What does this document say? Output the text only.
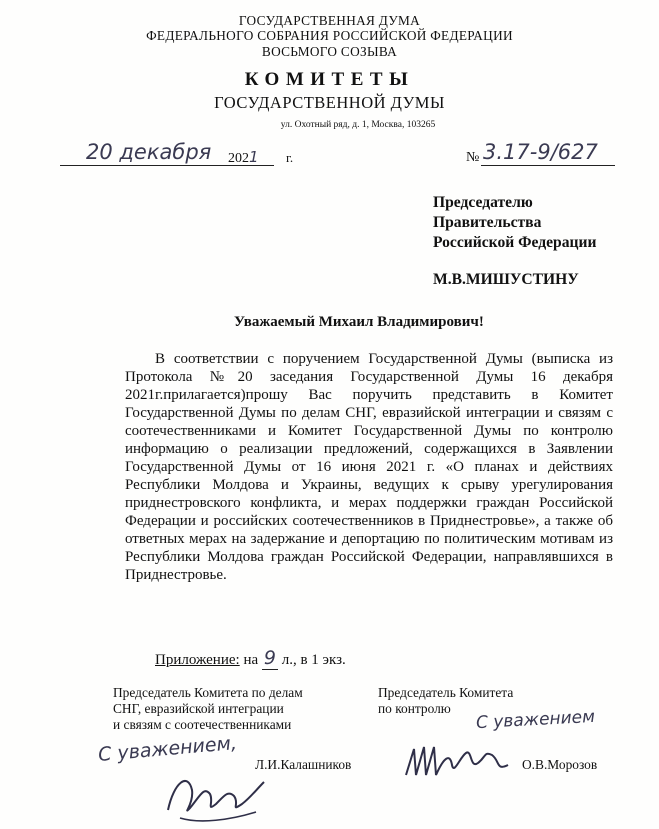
ГОСУДАРСТВЕННАЯ ДУМА
ФЕДЕРАЛЬНОГО СОБРАНИЯ РОССИЙСКОЙ ФЕДЕРАЦИИ
ВОСЬМОГО СОЗЫВА
КОМИТЕТЫ
ГОСУДАРСТВЕННОЙ ДУМЫ
ул. Охотный ряд, д. 1, Москва, 103265
20 декабря 2021 г.	№ 3.17-9/627
Председателю
Правительства
Российской Федерации
М.В.МИШУСТИНУ
Уважаемый Михаил Владимирович!

В соответствии с поручением Государственной Думы (выписка из Протокола №20 заседания Государственной Думы 16 декабря 2021г.прилагается)прошу Вас поручить представить в Комитет Государственной Думы по делам СНГ, евразийской интеграции и связям с соотечественниками и Комитет Государственной Думы по контролю информацию о реализации предложений, содержащихся в Заявлении Государственной Думы от 16 июня 2021 г. «О планах и действиях Республики Молдова и Украины, ведущих к срыву урегулирования приднестровского конфликта, и мерах поддержки граждан Российской Федерации и российских соотечественников в Приднестровье», а также об ответных мерах на задержание и депортацию по политическим мотивам из Республики Молдова граждан Российской Федерации, направлявшихся в Приднестровье.

Приложение: на 9 л., в 1 экз.
Председатель Комитета по делам
СНГ, евразийской интеграции
и связям с соотечественниками
С уважением, Л.И.Калашников
Председатель Комитета
по контролю С уважением
О.В.Морозов
